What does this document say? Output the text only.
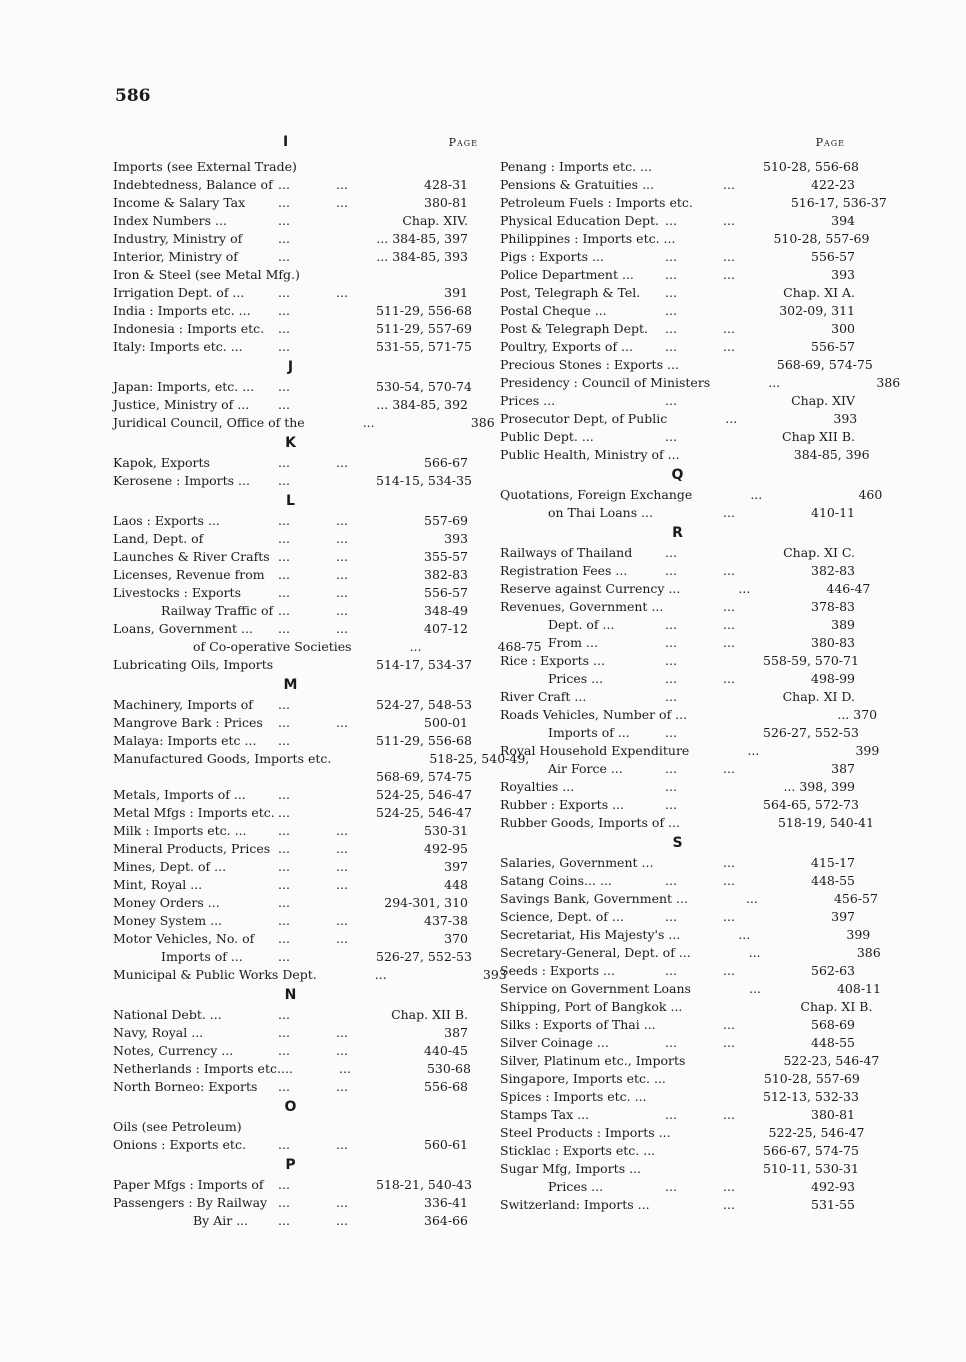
586
I	Page
Imports (see External Trade)
Indebtedness, Balance of ...	...	428-31
Income & Salary Tax	...	...	380-81
Index Numbers ...	...	Chap. XIV.
Industry, Ministry of	...	... 384-85, 397
Interior, Ministry of	...	... 384-85, 393
Iron & Steel (see Metal Mfg.)
Irrigation Dept. of ...	...	...	391
India : Imports etc. ...	...	511-29, 556-68
Indonesia : Imports etc.	...	511-29, 557-69
Italy: Imports etc. ...	...	531-55, 571-75
J
Japan: Imports, etc. ...	...	530-54, 570-74
Justice, Ministry of ...	...	... 384-85, 392
Juridical Council, Office of the	...	386
K
Kapok, Exports	...	...	566-67
Kerosene : Imports ...	...	514-15, 534-35
L
Laos : Exports ...	...	...	557-69
Land, Dept. of	...	...	393
Launches & River Crafts ...	...	355-57
Licenses, Revenue from	...	...	382-83
Livestocks : Exports	...	...	556-57
Railway Traffic of ...	...	348-49
Loans, Government ...	...	...	407-12
of Co-operative Societies	...	468-75
Lubricating Oils, Imports	514-17, 534-37
M
Machinery, Imports of	...	524-27, 548-53
Mangrove Bark : Prices	...	...	500-01
Malaya: Imports etc ...	...	511-29, 556-68
Manufactured Goods, Imports etc.	518-25, 540-49,
568-69, 574-75
Metals, Imports of ...	...	524-25, 546-47
Metal Mfgs : Imports etc. ...	524-25, 546-47
Milk : Imports etc. ...	...	...	530-31
Mineral Products, Prices ...	...	492-95
Mines, Dept. of ...	...	...	397
Mint, Royal ...	...	...	448
Money Orders ...	...	294-301, 310
Money System ...	...	...	437-38
Motor Vehicles, No. of	...	...	370
Imports of ...	...	526-27, 552-53
Municipal & Public Works Dept.	...	393
N
National Debt. ...	...	Chap. XII B.
Navy, Royal ...	...	...	387
Notes, Currency ...	...	...	440-45
Netherlands : Imports etc. ...	...	530-68
North Borneo: Exports	...	...	556-68
O
Oils (see Petroleum)
Onions : Exports etc.	...	...	560-61
P
Paper Mfgs : Imports of	...	518-21, 540-43
Passengers : By Railway ...	...	336-41
By Air ...	...	...	364-66
Page
Penang : Imports etc. ...	510-28, 556-68
Pensions & Gratuities ...	...	422-23
Petroleum Fuels : Imports etc.	516-17, 536-37
Physical Education Dept. ...	...	394
Philippines : Imports etc. ...	510-28, 557-69
Pigs : Exports ...	...	...	556-57
Police Department ...	...	...	393
Post, Telegraph & Tel.	...	Chap. XI A.
Postal Cheque ...	...	302-09, 311
Post & Telegraph Dept.	...	...	300
Poultry, Exports of ...	...	...	556-57
Precious Stones : Exports ...	568-69, 574-75
Presidency : Council of Ministers	...	386
Prices ...	...	Chap. XIV
Prosecutor Dept, of Public	...	393
Public Dept. ...	...	Chap XII B.
Public Health, Ministry of ...	384-85, 396
Q
Quotations, Foreign Exchange	...	460
on Thai Loans ...	...	410-11
R
Railways of Thailand	...	Chap. XI C.
Registration Fees ...	...	...	382-83
Reserve against Currency ...	...	446-47
Revenues, Government ...	...	378-83
Dept. of ...	...	...	389
From ...	...	...	380-83
Rice : Exports ...	...	558-59, 570-71
Prices ...	...	...	498-99
River Craft ...	...	Chap. XI D.
Roads Vehicles, Number of ...	... 370
Imports of ...	...	526-27, 552-53
Royal Household Expenditure	...	399
Air Force ...	...	...	387
Royalties ...	...	... 398, 399
Rubber : Exports ...	...	564-65, 572-73
Rubber Goods, Imports of ...	518-19, 540-41
S
Salaries, Government ...	...	415-17
Satang Coins... ...	...	...	448-55
Savings Bank, Government ...	...	456-57
Science, Dept. of ...	...	...	397
Secretariat, His Majesty's ...	...	399
Secretary-General, Dept. of ...	...	386
Seeds : Exports ...	...	...	562-63
Service on Government Loans	...	408-11
Shipping, Port of Bangkok ...	Chap. XI B.
Silks : Exports of Thai ...	...	568-69
Silver Coinage ...	...	...	448-55
Silver, Platinum etc., Imports	522-23, 546-47
Singapore, Imports etc. ...	510-28, 557-69
Spices : Imports etc. ...	512-13, 532-33
Stamps Tax ...	...	...	380-81
Steel Products : Imports ...	522-25, 546-47
Sticklac : Exports etc. ...	566-67, 574-75
Sugar Mfg, Imports ...	510-11, 530-31
Prices ...	...	...	492-93
Switzerland: Imports ...	...	531-55
